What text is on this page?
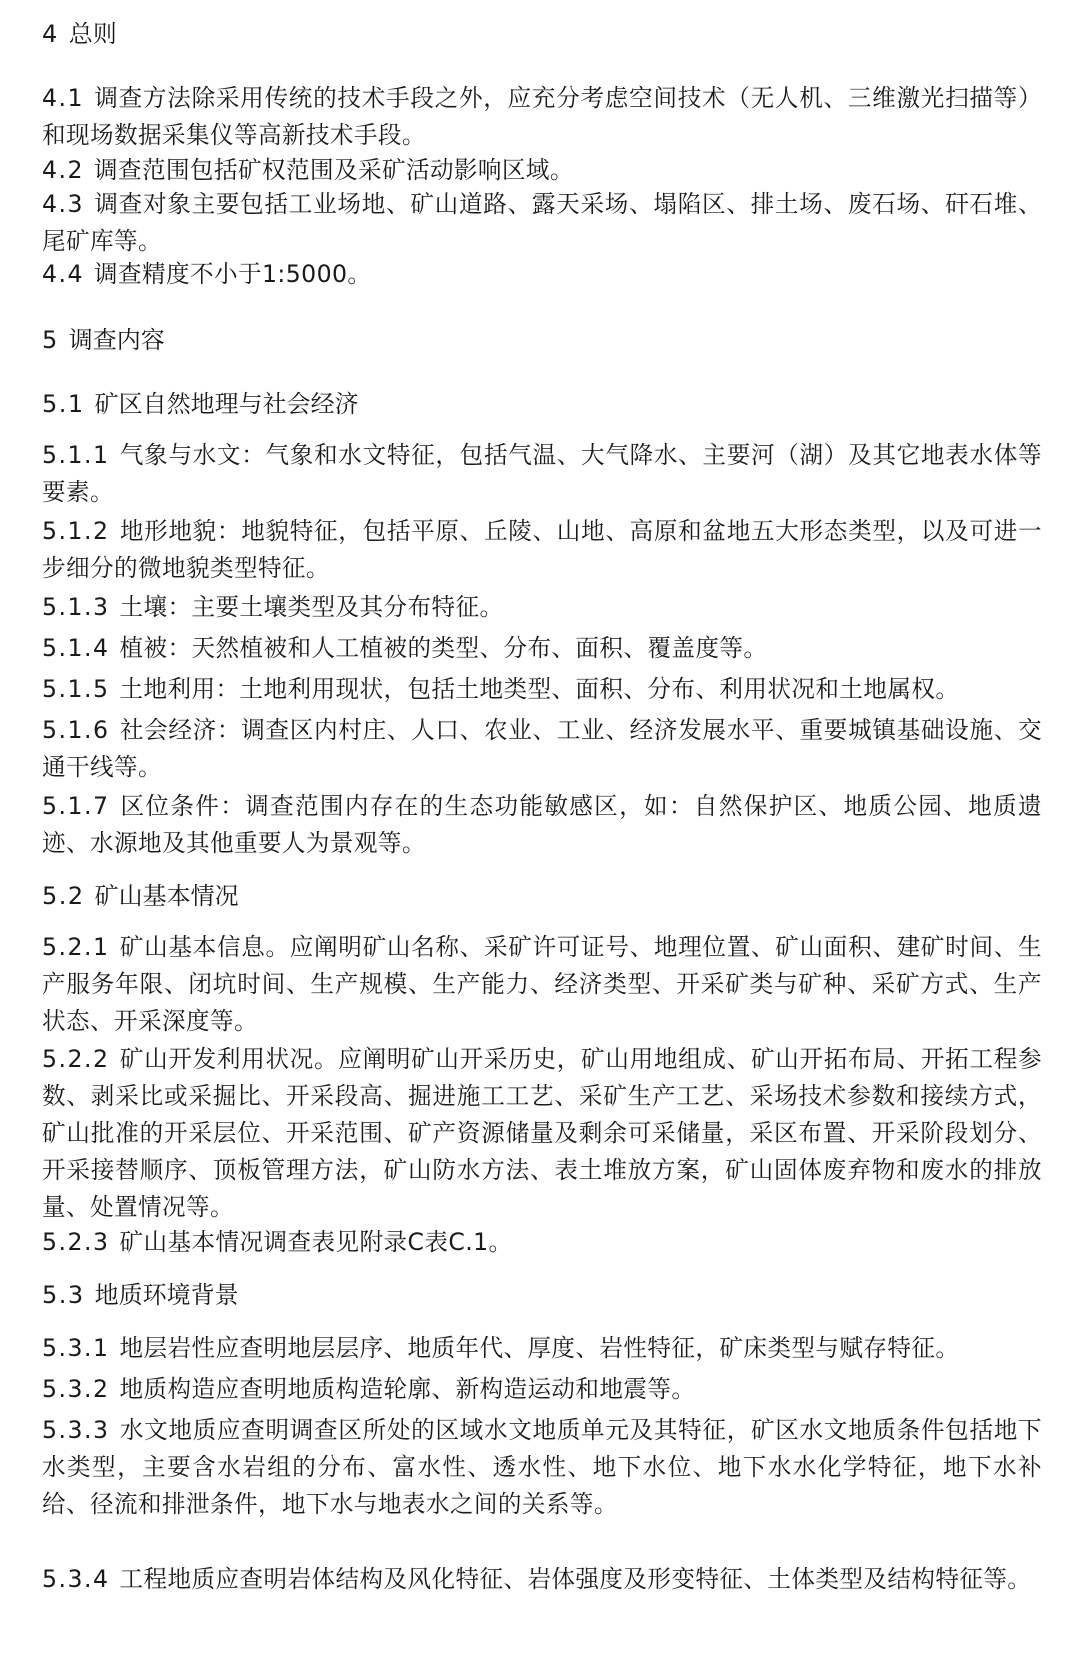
4 总则

4.1 调查方法除采用传统的技术手段之外，应充分考虑空间技术（无人机、三维激光扫描等）和现场数据采集仪等高新技术手段。

4.2 调查范围包括矿权范围及采矿活动影响区域。

4.3 调查对象主要包括工业场地、矿山道路、露天采场、塌陷区、排土场、废石场、矸石堆、尾矿库等。

4.4 调查精度不小于1:5000。

5 调查内容
5.1 矿区自然地理与社会经济

5.1.1 气象与水文：气象和水文特征，包括气温、大气降水、主要河（湖）及其它地表水体等要素。

5.1.2 地形地貌：地貌特征，包括平原、丘陵、山地、高原和盆地五大形态类型，以及可进一步细分的微地貌类型特征。

5.1.3 土壤：主要土壤类型及其分布特征。

5.1.4 植被：天然植被和人工植被的类型、分布、面积、覆盖度等。

5.1.5 土地利用：土地利用现状，包括土地类型、面积、分布、利用状况和土地属权。

5.1.6 社会经济：调查区内村庄、人口、农业、工业、经济发展水平、重要城镇基础设施、交通干线等。

5.1.7 区位条件：调查范围内存在的生态功能敏感区，如：自然保护区、地质公园、地质遗迹、水源地及其他重要人为景观等。

5.2 矿山基本情况

5.2.1 矿山基本信息。应阐明矿山名称、采矿许可证号、地理位置、矿山面积、建矿时间、生产服务年限、闭坑时间、生产规模、生产能力、经济类型、开采矿类与矿种、采矿方式、生产状态、开采深度等。

5.2.2 矿山开发利用状况。应阐明矿山开采历史，矿山用地组成、矿山开拓布局、开拓工程参数、剥采比或采掘比、开采段高、掘进施工工艺、采矿生产工艺、采场技术参数和接续方式，矿山批准的开采层位、开采范围、矿产资源储量及剩余可采储量，采区布置、开采阶段划分、开采接替顺序、顶板管理方法，矿山防水方法、表土堆放方案，矿山固体废弃物和废水的排放量、处置情况等。

5.2.3 矿山基本情况调查表见附录C表C.1。

5.3 地质环境背景

5.3.1 地层岩性应查明地层层序、地质年代、厚度、岩性特征，矿床类型与赋存特征。

5.3.2 地质构造应查明地质构造轮廓、新构造运动和地震等。

5.3.3 水文地质应查明调查区所处的区域水文地质单元及其特征，矿区水文地质条件包括地下水类型，主要含水岩组的分布、富水性、透水性、地下水位、地下水水化学特征，地下水补给、径流和排泄条件，地下水与地表水之间的关系等。

5.3.4 工程地质应查明岩体结构及风化特征、岩体强度及形变特征、土体类型及结构特征等。
